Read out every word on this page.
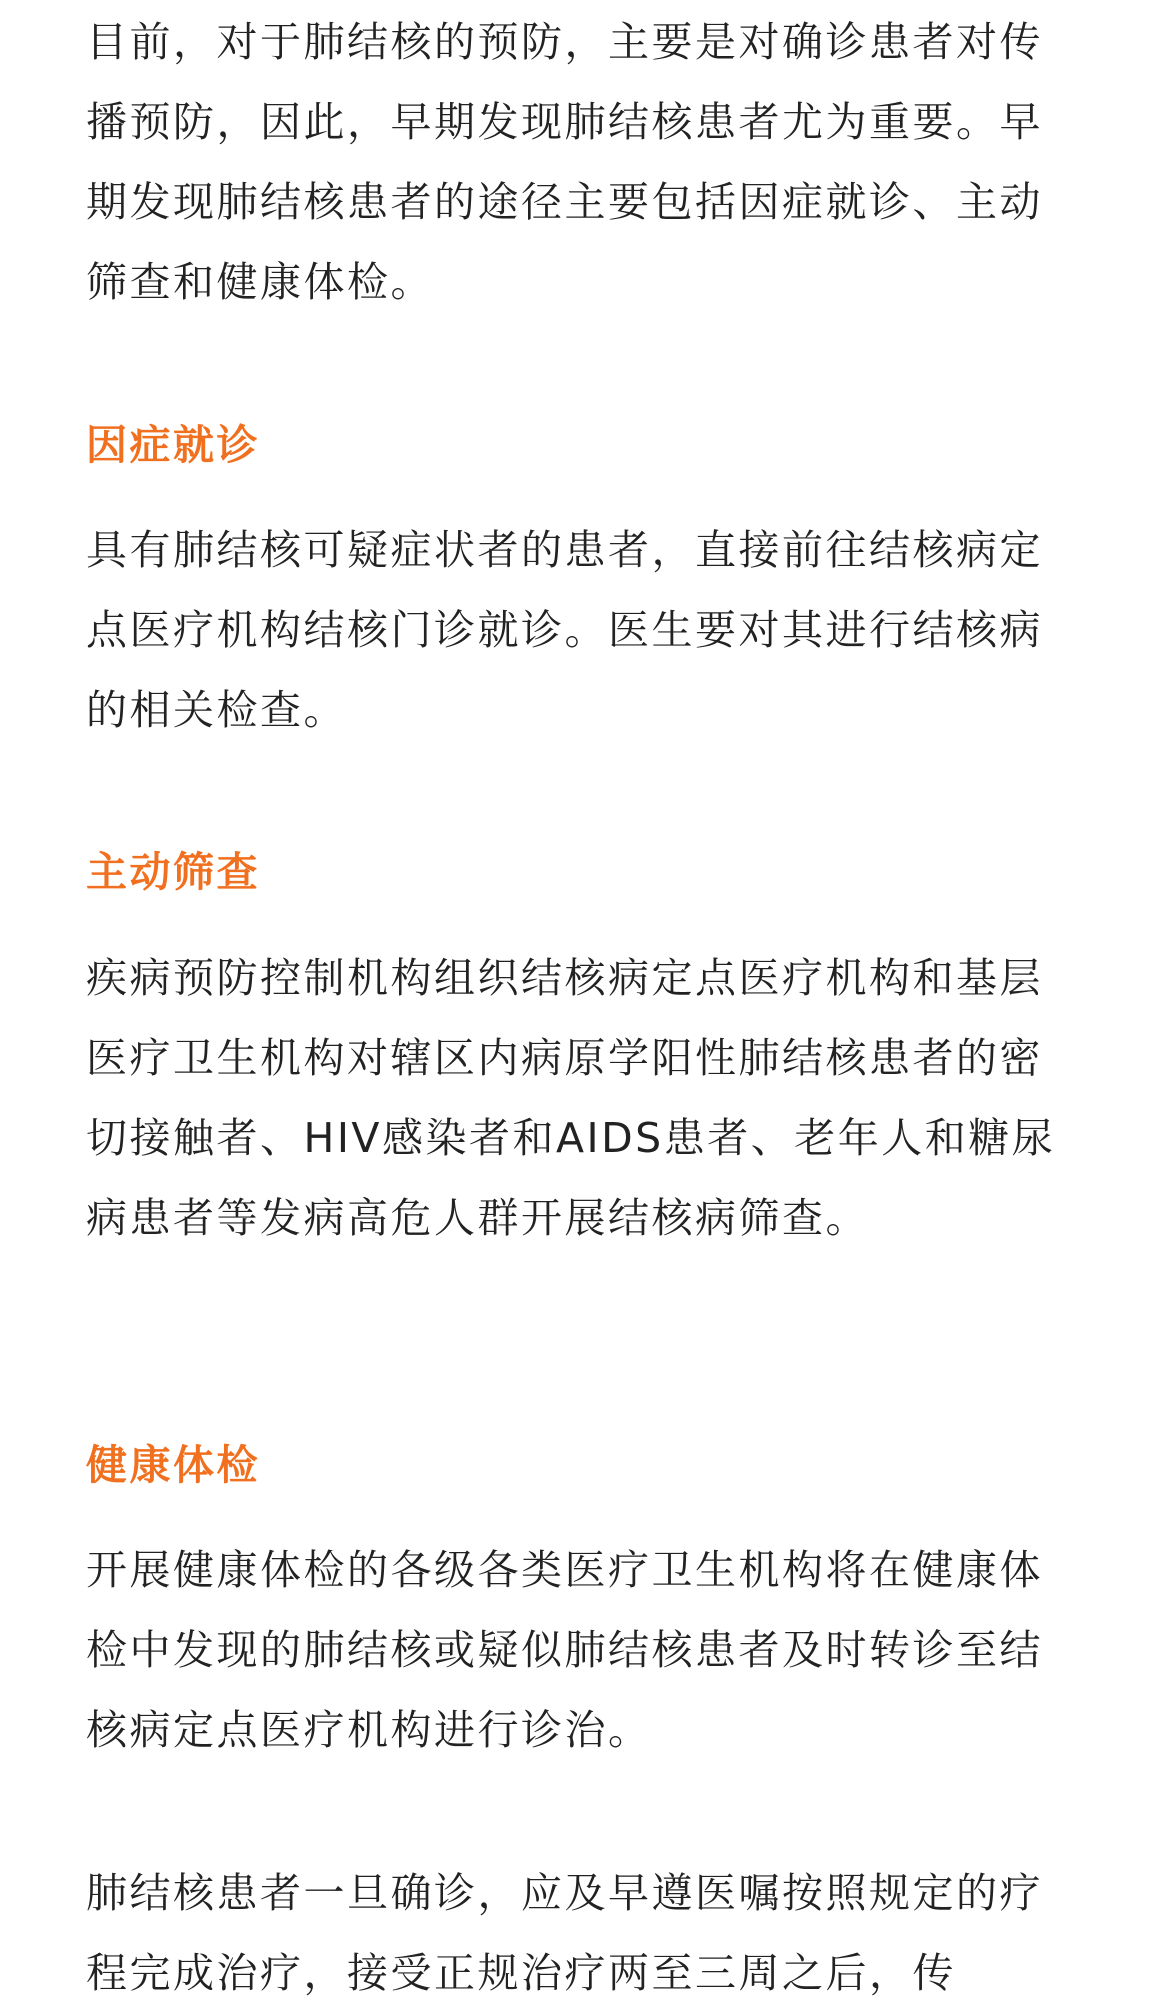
目前，对于肺结核的预防，主要是对确诊患者对传播预防，因此，早期发现肺结核患者尤为重要。早期发现肺结核患者的途径主要包括因症就诊、主动筛查和健康体检。

因症就诊

具有肺结核可疑症状者的患者，直接前往结核病定点医疗机构结核门诊就诊。医生要对其进行结核病的相关检查。

主动筛查

疾病预防控制机构组织结核病定点医疗机构和基层医疗卫生机构对辖区内病原学阳性肺结核患者的密切接触者、HIV感染者和AIDS患者、老年人和糖尿病患者等发病高危人群开展结核病筛查。

健康体检

开展健康体检的各级各类医疗卫生机构将在健康体检中发现的肺结核或疑似肺结核患者及时转诊至结核病定点医疗机构进行诊治。

肺结核患者一旦确诊，应及早遵医嘱按照规定的疗程完成治疗，接受正规治疗两至三周之后，传
